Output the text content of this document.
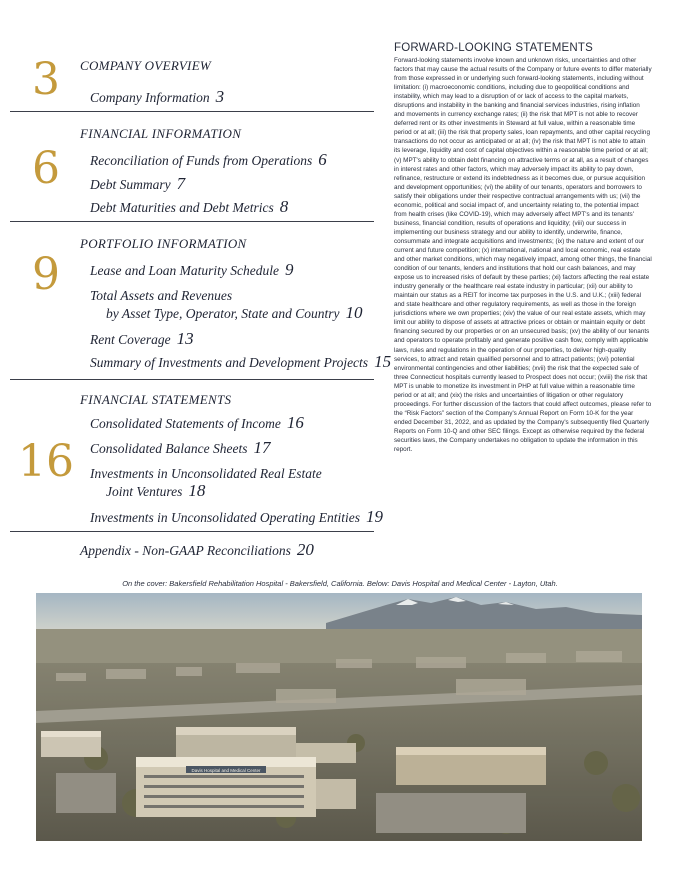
3	COMPANY OVERVIEW
Company Information 3
6
FINANCIAL INFORMATION
Reconciliation of Funds from Operations 6
Debt Summary 7
Debt Maturities and Debt Metrics 8
9
PORTFOLIO INFORMATION
Lease and Loan Maturity Schedule 9
Total Assets and Revenues
by Asset Type, Operator, State and Country 10
Rent Coverage 13
Summary of Investments and Development Projects 15
16
FINANCIAL STATEMENTS
Consolidated Statements of Income 16
Consolidated Balance Sheets 17
Investments in Unconsolidated Real Estate
Joint Ventures 18
Investments in Unconsolidated Operating Entities 19
Appendix - Non-GAAP Reconciliations 20
FORWARD-LOOKING STATEMENTS
Forward-looking statements involve known and unknown risks, uncertainties and other factors that may cause the actual results of the Company or future events to differ materially from those expressed in or underlying such forward-looking statements, including without limitation: (i) macroeconomic conditions, including due to geopolitical conditions and instability, which may lead to a disruption of or lack of access to the capital markets, disruptions and instability in the banking and financial services industries, rising inflation and movements in currency exchange rates; (ii) the risk that MPT is not able to recover deferred rent or its other investments in Steward at full value, within a reasonable time period or at all; (iii) the risk that property sales, loan repayments, and other capital recycling transactions do not occur as anticipated or at all; (iv) the risk that MPT is not able to attain its leverage, liquidity and cost of capital objectives within a reasonable time period or at all; (v) MPT's ability to obtain debt financing on attractive terms or at all, as a result of changes in interest rates and other factors, which may adversely impact its ability to pay down, refinance, restructure or extend its indebtedness as it becomes due, or pursue acquisition and development opportunities; (vi) the ability of our tenants, operators and borrowers to satisfy their obligations under their respective contractual arrangements with us; (vii) the economic, political and social impact of, and uncertainty relating to, the potential impact from health crises (like COVID-19), which may adversely affect MPT's and its tenants' business, financial condition, results of operations and liquidity; (viii) our success in implementing our business strategy and our ability to identify, underwrite, finance, consummate and integrate acquisitions and investments; (ix) the nature and extent of our current and future competition; (x) international, national and local economic, real estate and other market conditions, which may negatively impact, among other things, the financial condition of our tenants, lenders and institutions that hold our cash balances, and may expose us to increased risks of default by these parties; (xi) factors affecting the real estate industry generally or the healthcare real estate industry in particular; (xii) our ability to maintain our status as a REIT for income tax purposes in the U.S. and U.K.; (xiii) federal and state healthcare and other regulatory requirements, as well as those in the foreign jurisdictions where we own properties; (xiv) the value of our real estate assets, which may limit our ability to dispose of assets at attractive prices or obtain or maintain equity or debt financing secured by our properties or on an unsecured basis; (xv) the ability of our tenants and operators to operate profitably and generate positive cash flow, comply with applicable laws, rules and regulations in the operation of our properties, to deliver high-quality services, to attract and retain qualified personnel and to attract patients; (xvi) potential environmental contingencies and other liabilities; (xvii) the risk that the expected sale of three Connecticut hospitals currently leased to Prospect does not occur; (xviii) the risk that MPT is unable to monetize its investment in PHP at full value within a reasonable time period or at all; and (xix) the risks and uncertainties of litigation or other regulatory proceedings. For further discussion of the factors that could affect outcomes, please refer to the “Risk Factors” section of the Company's Annual Report on Form 10-K for the year ended December 31, 2022, and as updated by the Company's subsequently filed Quarterly Reports on Form 10-Q and other SEC filings. Except as otherwise required by the federal securities laws, the Company undertakes no obligation to update the information in this report.
On the cover: Bakersfield Rehabilitation Hospital - Bakersfield, California. Below: Davis Hospital and Medical Center - Layton, Utah.
Davis Hospital and Medical Center
